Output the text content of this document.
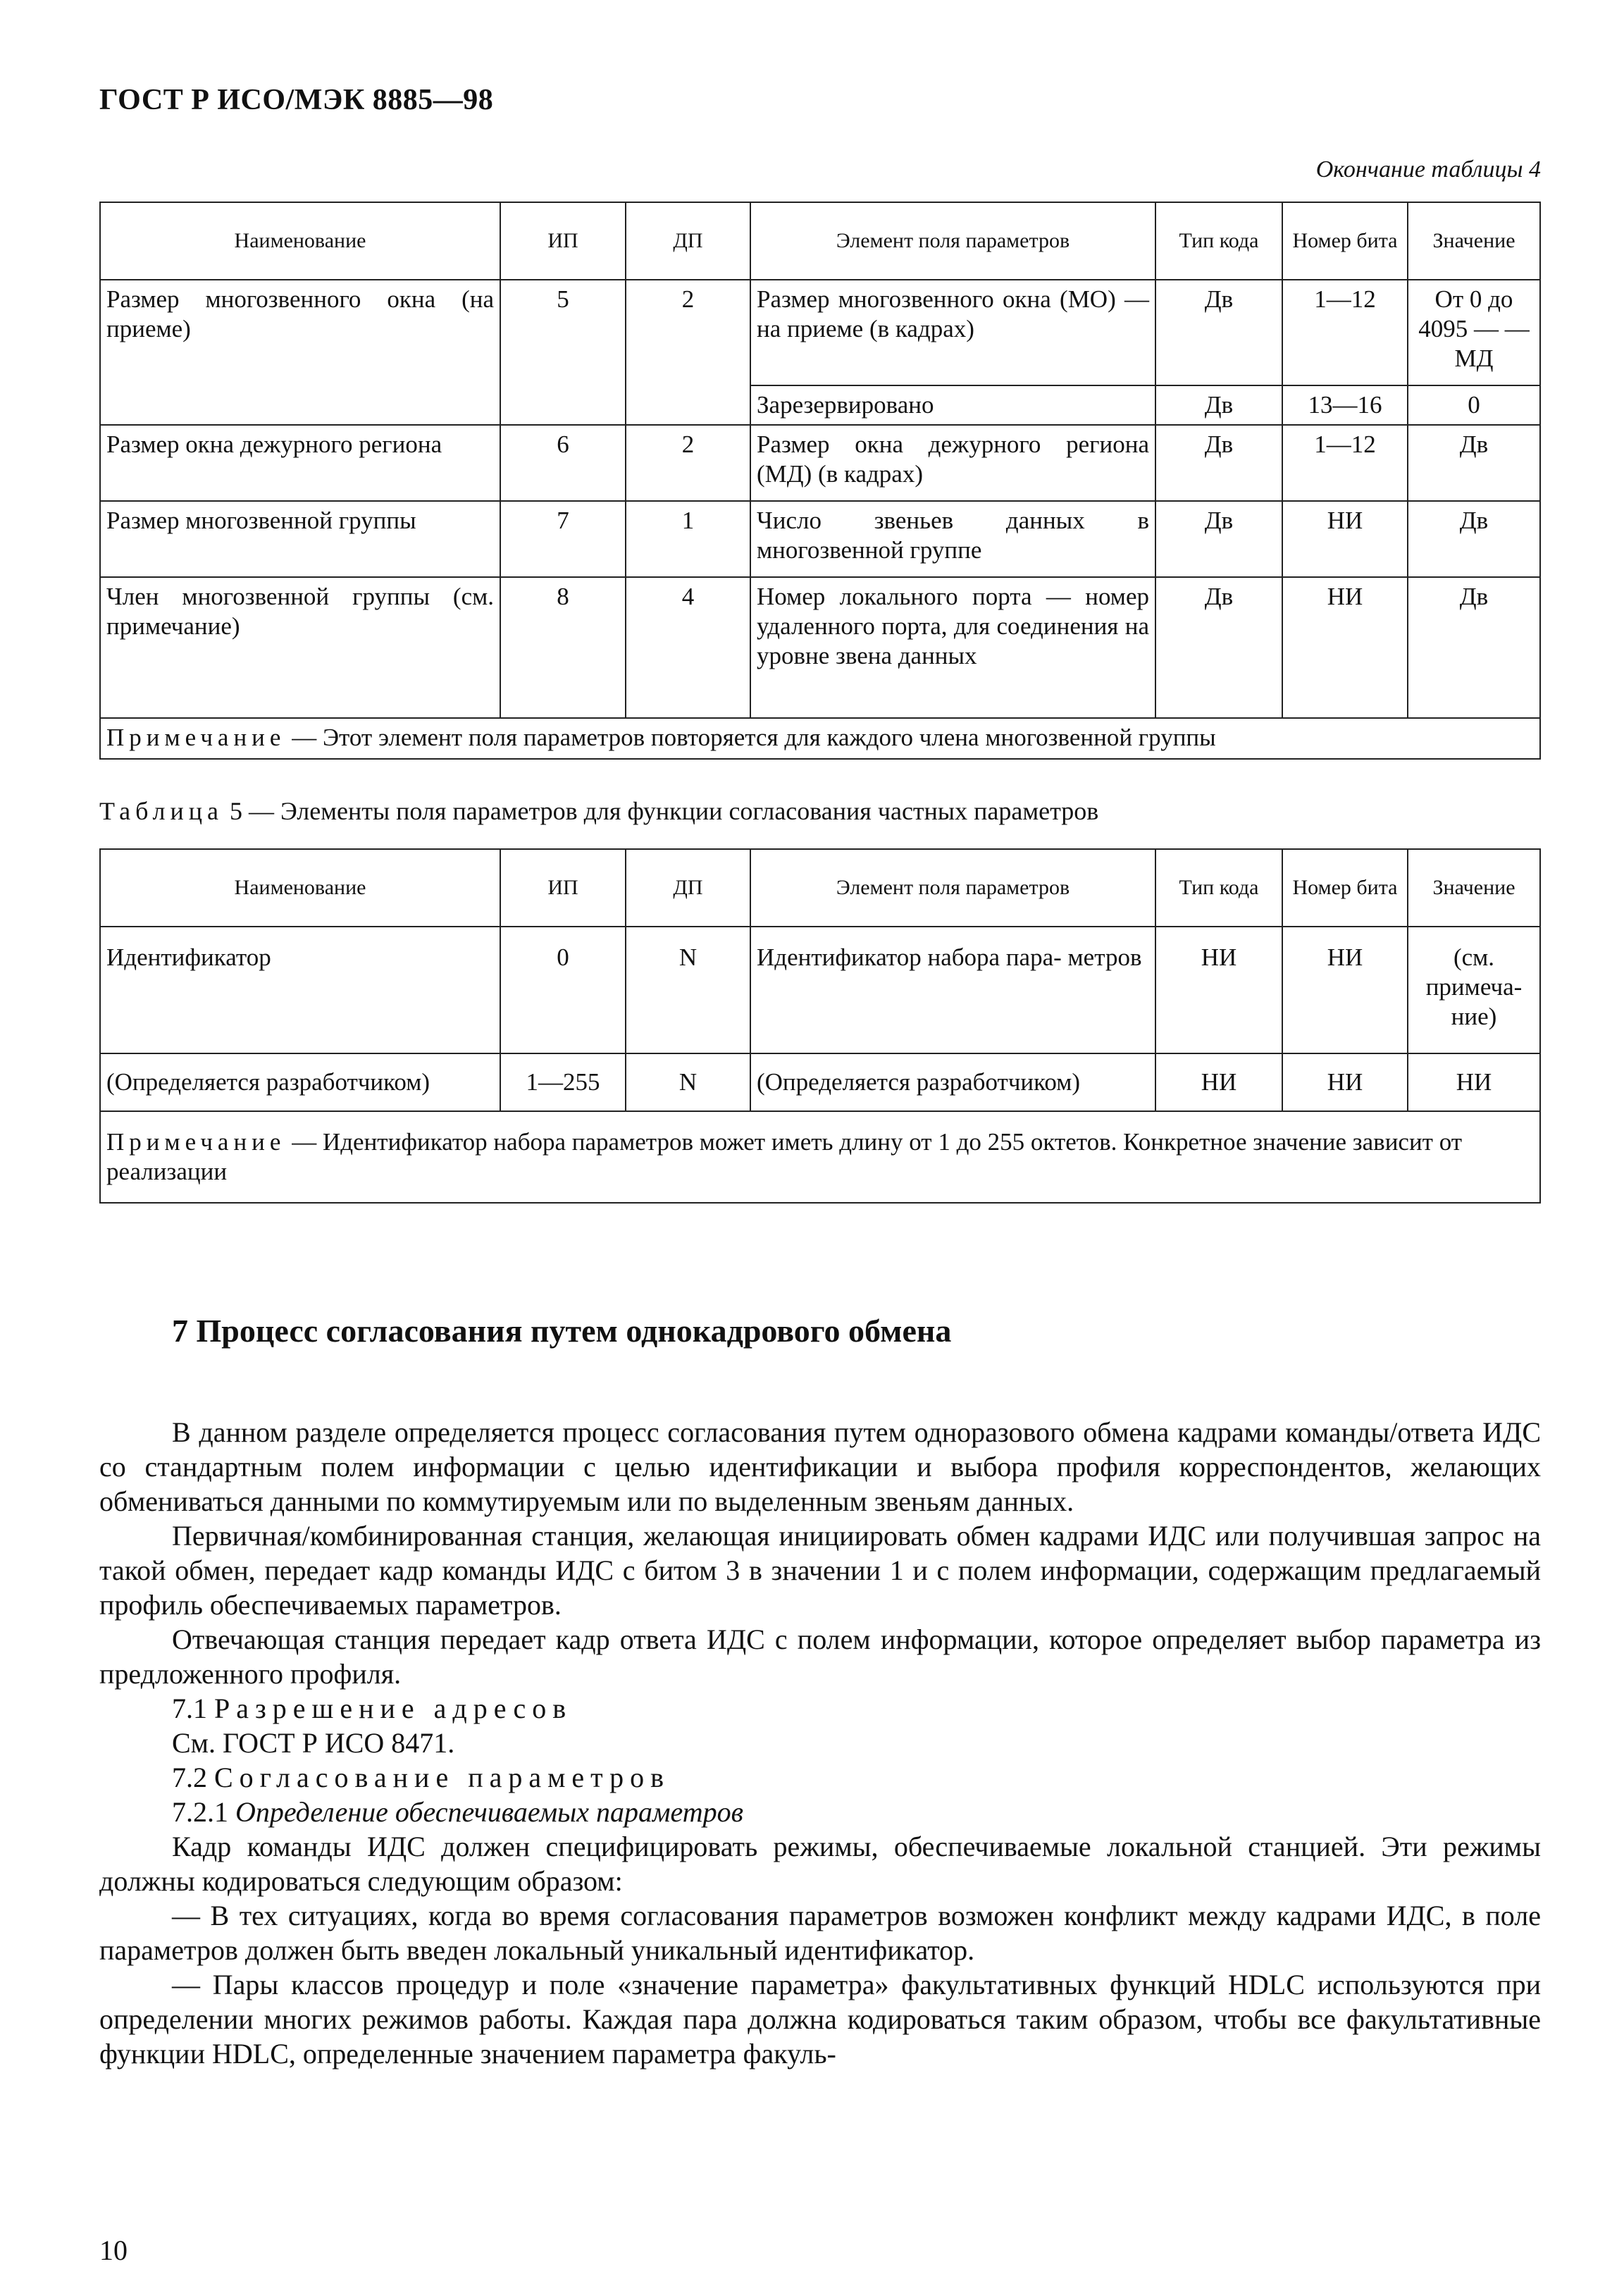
ГОСТ Р ИСО/МЭК 8885—98
Окончание таблицы 4
Наименование	ИП	ДП	Элемент поля параметров	Тип кода	Номер бита	Значение
Размер многозвенного окна (на приеме)	5	2	Размер многозвенного окна (МО) — на приеме (в кадрах)	Дв	1—12	От 0 до 4095 — —МД
			Зарезервировано	Дв	13—16	0
Размер окна дежурного региона	6	2	Размер окна дежурного региона (МД) (в кадрах)	Дв	1—12	Дв
Размер многозвенной группы	7	1	Число звеньев данных в многозвенной группе	Дв	НИ	Дв
Член многозвенной группы (см. примечание)	8	4	Номер локального порта — номер удаленного порта, для соединения на уровне звена данных	Дв	НИ	Дв
Примечание — Этот элемент поля параметров повторяется для каждого члена многозвенной группы						
Таблица 5 — Элементы поля параметров для функции согласования частных параметров
Наименование	ИП	ДП	Элемент поля параметров	Тип кода	Номер бита	Значение
Идентификатор	0	N	Идентификатор набора пара- метров	НИ	НИ	(см. примеча- ние)
(Определяется разработчиком)	1—255	N	(Определяется разработчиком)	НИ	НИ	НИ
Примечание — Идентификатор набора параметров может иметь длину от 1 до 255 октетов. Конкретное значение зависит от реализации						
7 Процесс согласования путем однокадрового обмена

В данном разделе определяется процесс согласования путем одноразового обмена кадрами команды/ответа ИДС со стандартным полем информации с целью идентификации и выбора профиля корреспондентов, желающих обмениваться данными по коммутируемым или по выделенным звеньям данных.

Первичная/комбинированная станция, желающая инициировать обмен кадрами ИДС или получившая запрос на такой обмен, передает кадр команды ИДС с битом 3 в значении 1 и с полем информации, содержащим предлагаемый профиль обеспечиваемых параметров.

Отвечающая станция передает кадр ответа ИДС с полем информации, которое определяет выбор параметра из предложенного профиля.

7.1 Разрешение адресов

См. ГОСТ Р ИСО 8471.

7.2 Согласование параметров

7.2.1 Определение обеспечиваемых параметров

Кадр команды ИДС должен специфицировать режимы, обеспечиваемые локальной станцией. Эти режимы должны кодироваться следующим образом:

— В тех ситуациях, когда во время согласования параметров возможен конфликт между кадрами ИДС, в поле параметров должен быть введен локальный уникальный идентификатор.

— Пары классов процедур и поле «значение параметра» факультативных функций HDLC используются при определении многих режимов работы. Каждая пара должна кодироваться таким образом, чтобы все факультативные функции HDLC, определенные значением параметра факуль-

10
